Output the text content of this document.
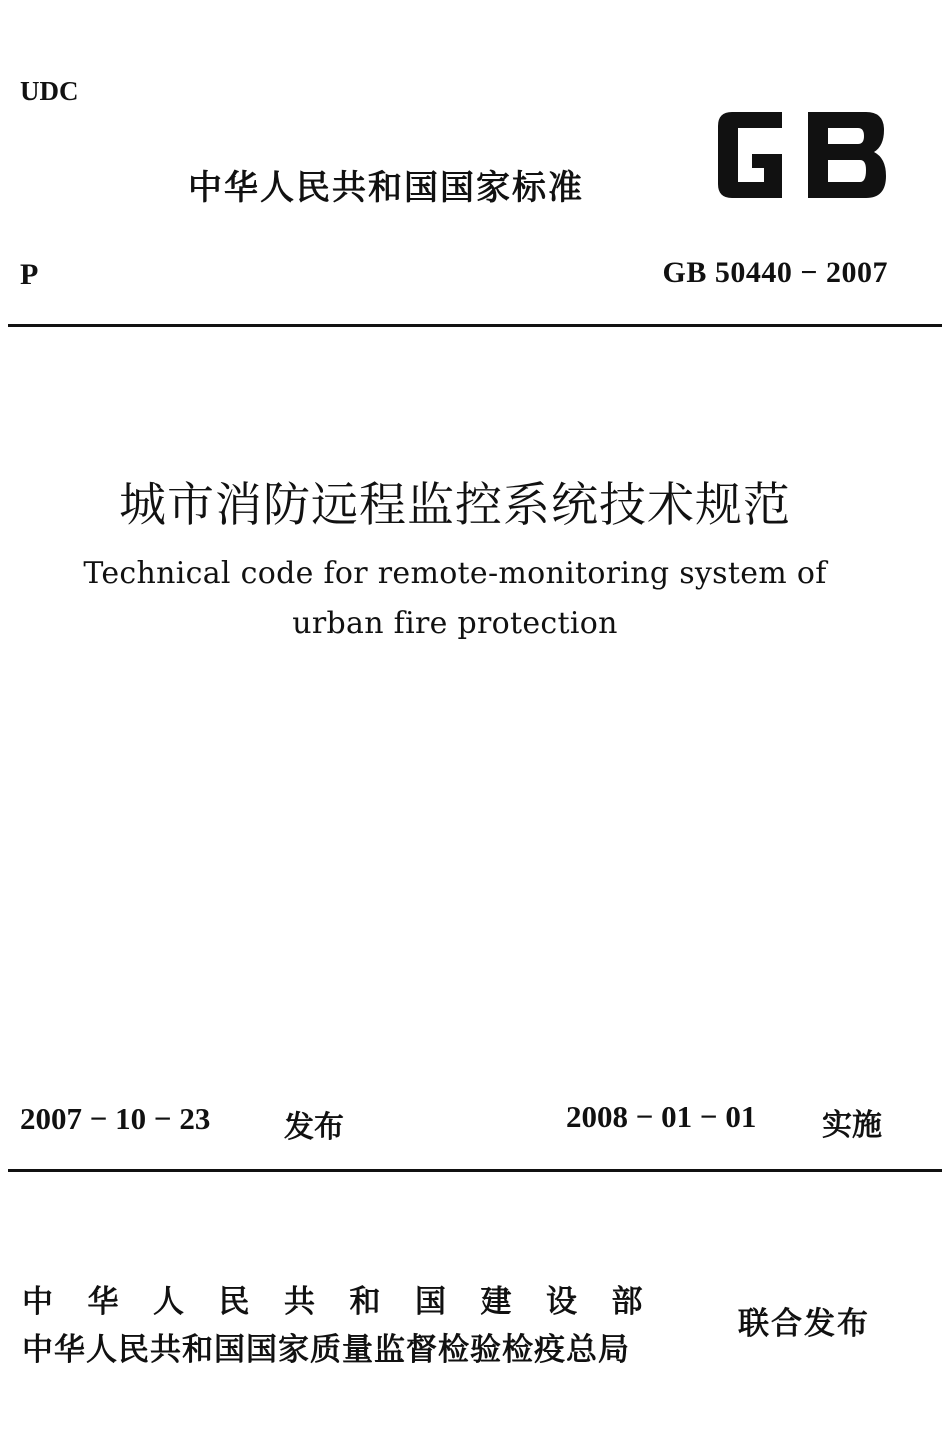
UDC
中华人民共和国国家标准
P	GB 50440 − 2007
城市消防远程监控系统技术规范
Technical code for remote-monitoring system of
urban fire protection
2007 − 10 − 23 发布	2008 − 01 − 01 实施
中华人民共和国建设部
中华人民共和国国家质量监督检验检疫总局
联合发布
